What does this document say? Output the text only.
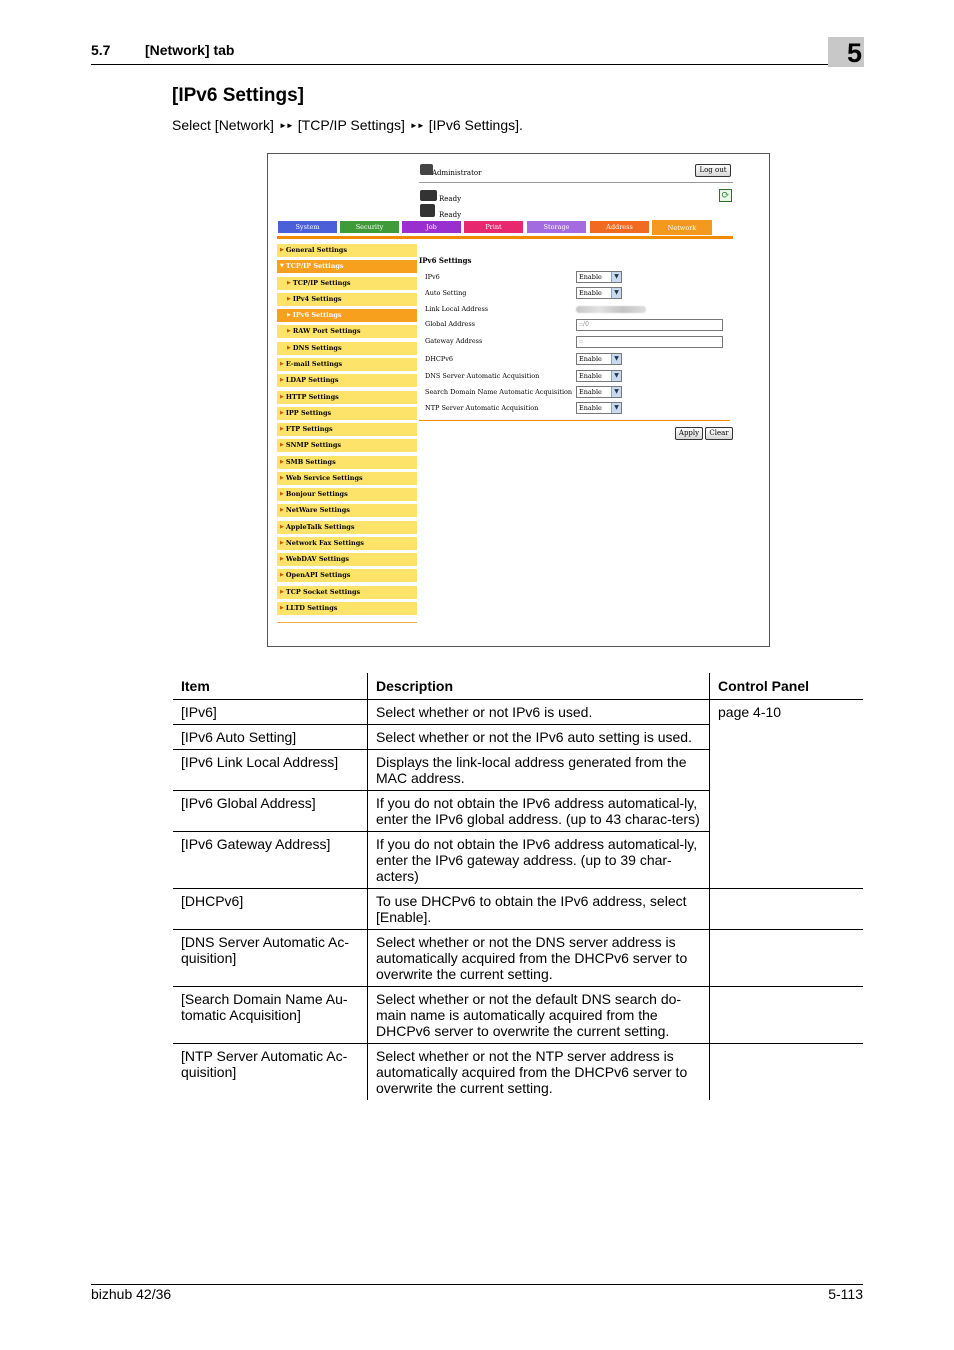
5.7 [Network] tab	5
[IPv6 Settings]
Select [Network] ►► [TCP/IP Settings] ►► [IPv6 Settings].
Administrator	Log out
Ready
Ready
⟳
System	Security	Job	Print	Storage	Address	Network
▶ General Settings
▼ TCP/IP Settings
▶ TCP/IP Settings
▶ IPv4 Settings
▶ IPv6 Settings
▶ RAW Port Settings
▶ DNS Settings
▶ E-mail Settings
▶ LDAP Settings
▶ HTTP Settings
▶ IPP Settings
▶ FTP Settings
▶ SNMP Settings
▶ SMB Settings
▶ Web Service Settings
▶ Bonjour Settings
▶ NetWare Settings
▶ AppleTalk Settings
▶ Network Fax Settings
▶ WebDAV Settings
▶ OpenAPI Settings
▶ TCP Socket Settings
▶ LLTD Settings
IPv6 Settings
IPv6	Enable	▼
Auto Setting	Enable	▼
Link Local Address
Global Address	::/0
Gateway Address	::
DHCPv6	Enable	▼
DNS Server Automatic Acquisition	Enable	▼
Search Domain Name Automatic Acquisition	Enable	▼
NTP Server Automatic Acquisition	Enable	▼
Apply	Clear
Item	Description	Control Panel
[IPv6]	Select whether or not IPv6 is used.	page 4-10
[IPv6 Auto Setting]	Select whether or not the IPv6 auto setting is used.	
[IPv6 Link Local Address]	Displays the link-local address generated from the MAC address.	
[IPv6 Global Address]	If you do not obtain the IPv6 address automatical-ly, enter the IPv6 global address. (up to 43 charac-ters)	
[IPv6 Gateway Address]	If you do not obtain the IPv6 address automatical-ly, enter the IPv6 gateway address. (up to 39 char-acters)	
[DHCPv6]	To use DHCPv6 to obtain the IPv6 address, select [Enable].	
[DNS Server Automatic Ac-quisition]	Select whether or not the DNS server address is automatically acquired from the DHCPv6 server to overwrite the current setting.	
[Search Domain Name Au-tomatic Acquisition]	Select whether or not the default DNS search do-main name is automatically acquired from the DHCPv6 server to overwrite the current setting.	
[NTP Server Automatic Ac-quisition]	Select whether or not the NTP server address is automatically acquired from the DHCPv6 server to overwrite the current setting.	
bizhub 42/36	5-113
